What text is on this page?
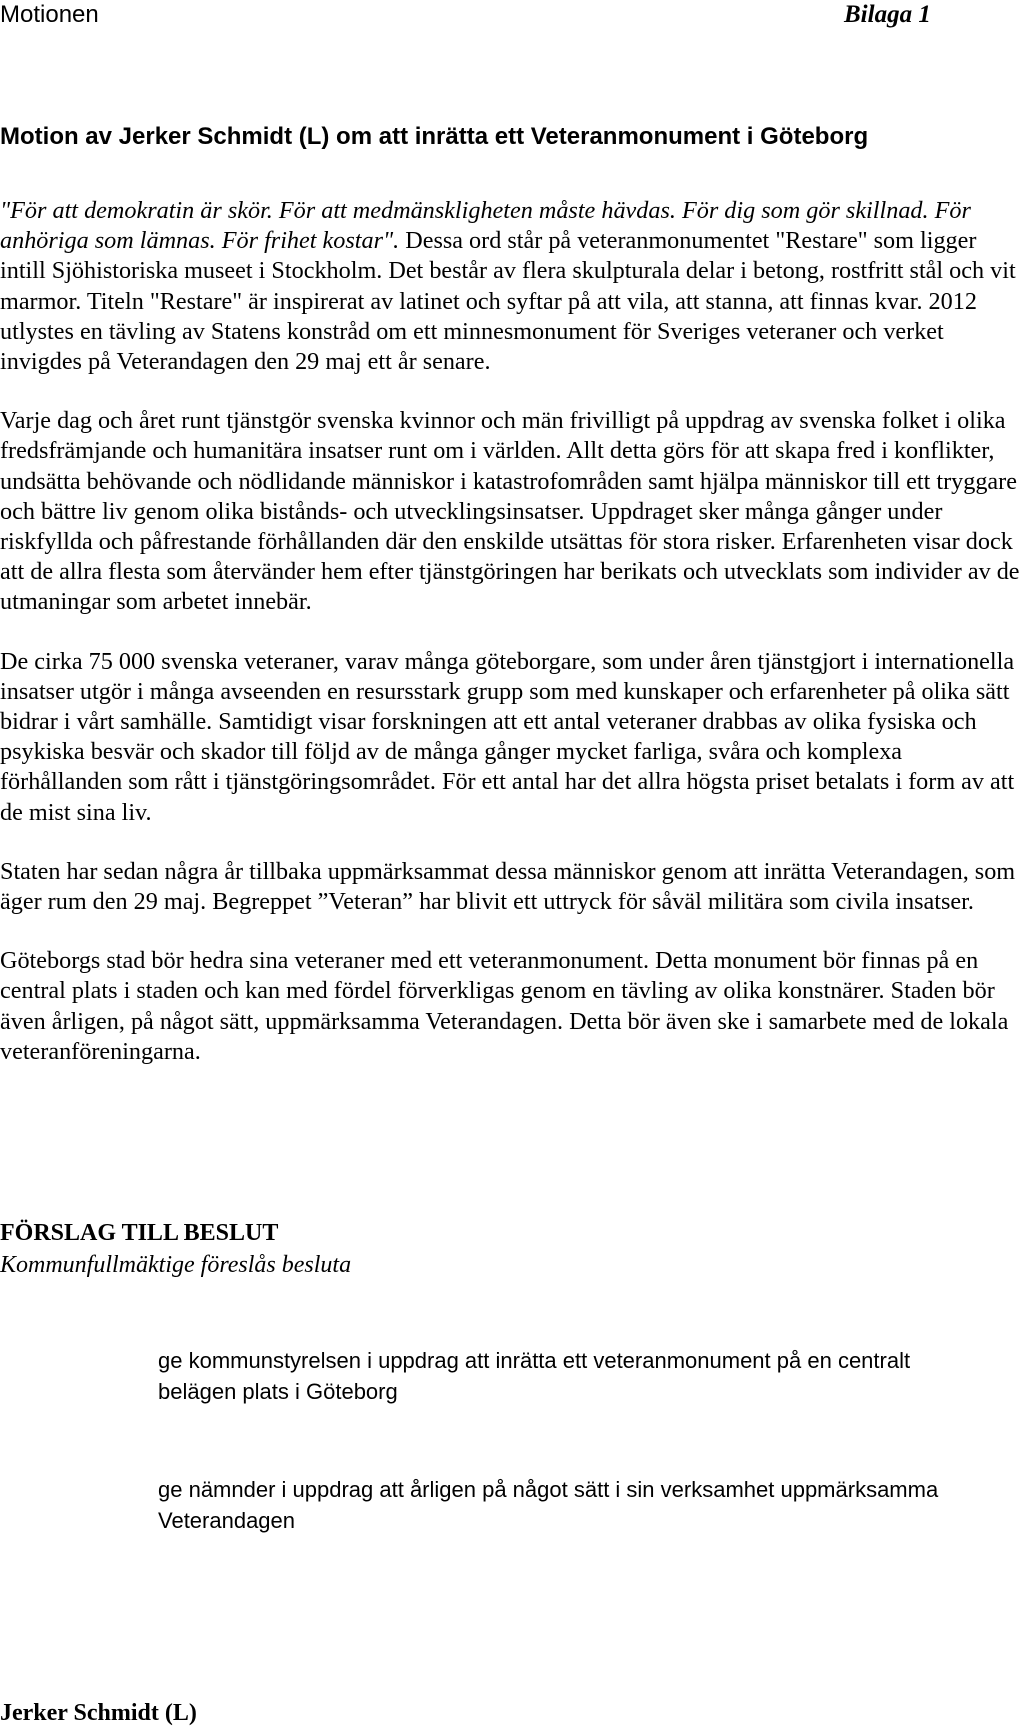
Motionen	Bilaga 1
Motion av Jerker Schmidt (L) om att inrätta ett Veteranmonument i Göteborg

"För att demokratin är skör. För att medmänskligheten måste hävdas. För dig som gör skillnad. För anhöriga som lämnas. För frihet kostar". Dessa ord står på veteranmonumentet "Restare" som ligger intill Sjöhistoriska museet i Stockholm. Det består av flera skulpturala delar i betong, rostfritt stål och vit marmor. Titeln "Restare" är inspirerat av latinet och syftar på att vila, att stanna, att finnas kvar. 2012 utlystes en tävling av Statens konstråd om ett minnesmonument för Sveriges veteraner och verket invigdes på Veterandagen den 29 maj ett år senare.

Varje dag och året runt tjänstgör svenska kvinnor och män frivilligt på uppdrag av svenska folket i olika fredsfrämjande och humanitära insatser runt om i världen. Allt detta görs för att skapa fred i konflikter, undsätta behövande och nödlidande människor i katastrofområden samt hjälpa människor till ett tryggare och bättre liv genom olika bistånds- och utvecklingsinsatser. Uppdraget sker många gånger under riskfyllda och påfrestande förhållanden där den enskilde utsättas för stora risker. Erfarenheten visar dock att de allra flesta som återvänder hem efter tjänstgöringen har berikats och utvecklats som individer av de utmaningar som arbetet innebär.

De cirka 75 000 svenska veteraner, varav många göteborgare, som under åren tjänstgjort i internationella insatser utgör i många avseenden en resursstark grupp som med kunskaper och erfarenheter på olika sätt bidrar i vårt samhälle. Samtidigt visar forskningen att ett antal veteraner drabbas av olika fysiska och psykiska besvär och skador till följd av de många gånger mycket farliga, svåra och komplexa förhållanden som rått i tjänstgöringsområdet. För ett antal har det allra högsta priset betalats i form av att de mist sina liv.

Staten har sedan några år tillbaka uppmärksammat dessa människor genom att inrätta Veterandagen, som äger rum den 29 maj. Begreppet ”Veteran” har blivit ett uttryck för såväl militära som civila insatser.

Göteborgs stad bör hedra sina veteraner med ett veteranmonument. Detta monument bör finnas på en central plats i staden och kan med fördel förverkligas genom en tävling av olika konstnärer. Staden bör även årligen, på något sätt, uppmärksamma Veterandagen. Detta bör även ske i samarbete med de lokala veteranföreningarna.

FÖRSLAG TILL BESLUT
Kommunfullmäktige föreslås besluta

ge kommunstyrelsen i uppdrag att inrätta ett veteranmonument på en centralt belägen plats i Göteborg

ge nämnder i uppdrag att årligen på något sätt i sin verksamhet uppmärksamma Veterandagen

Jerker Schmidt (L)
